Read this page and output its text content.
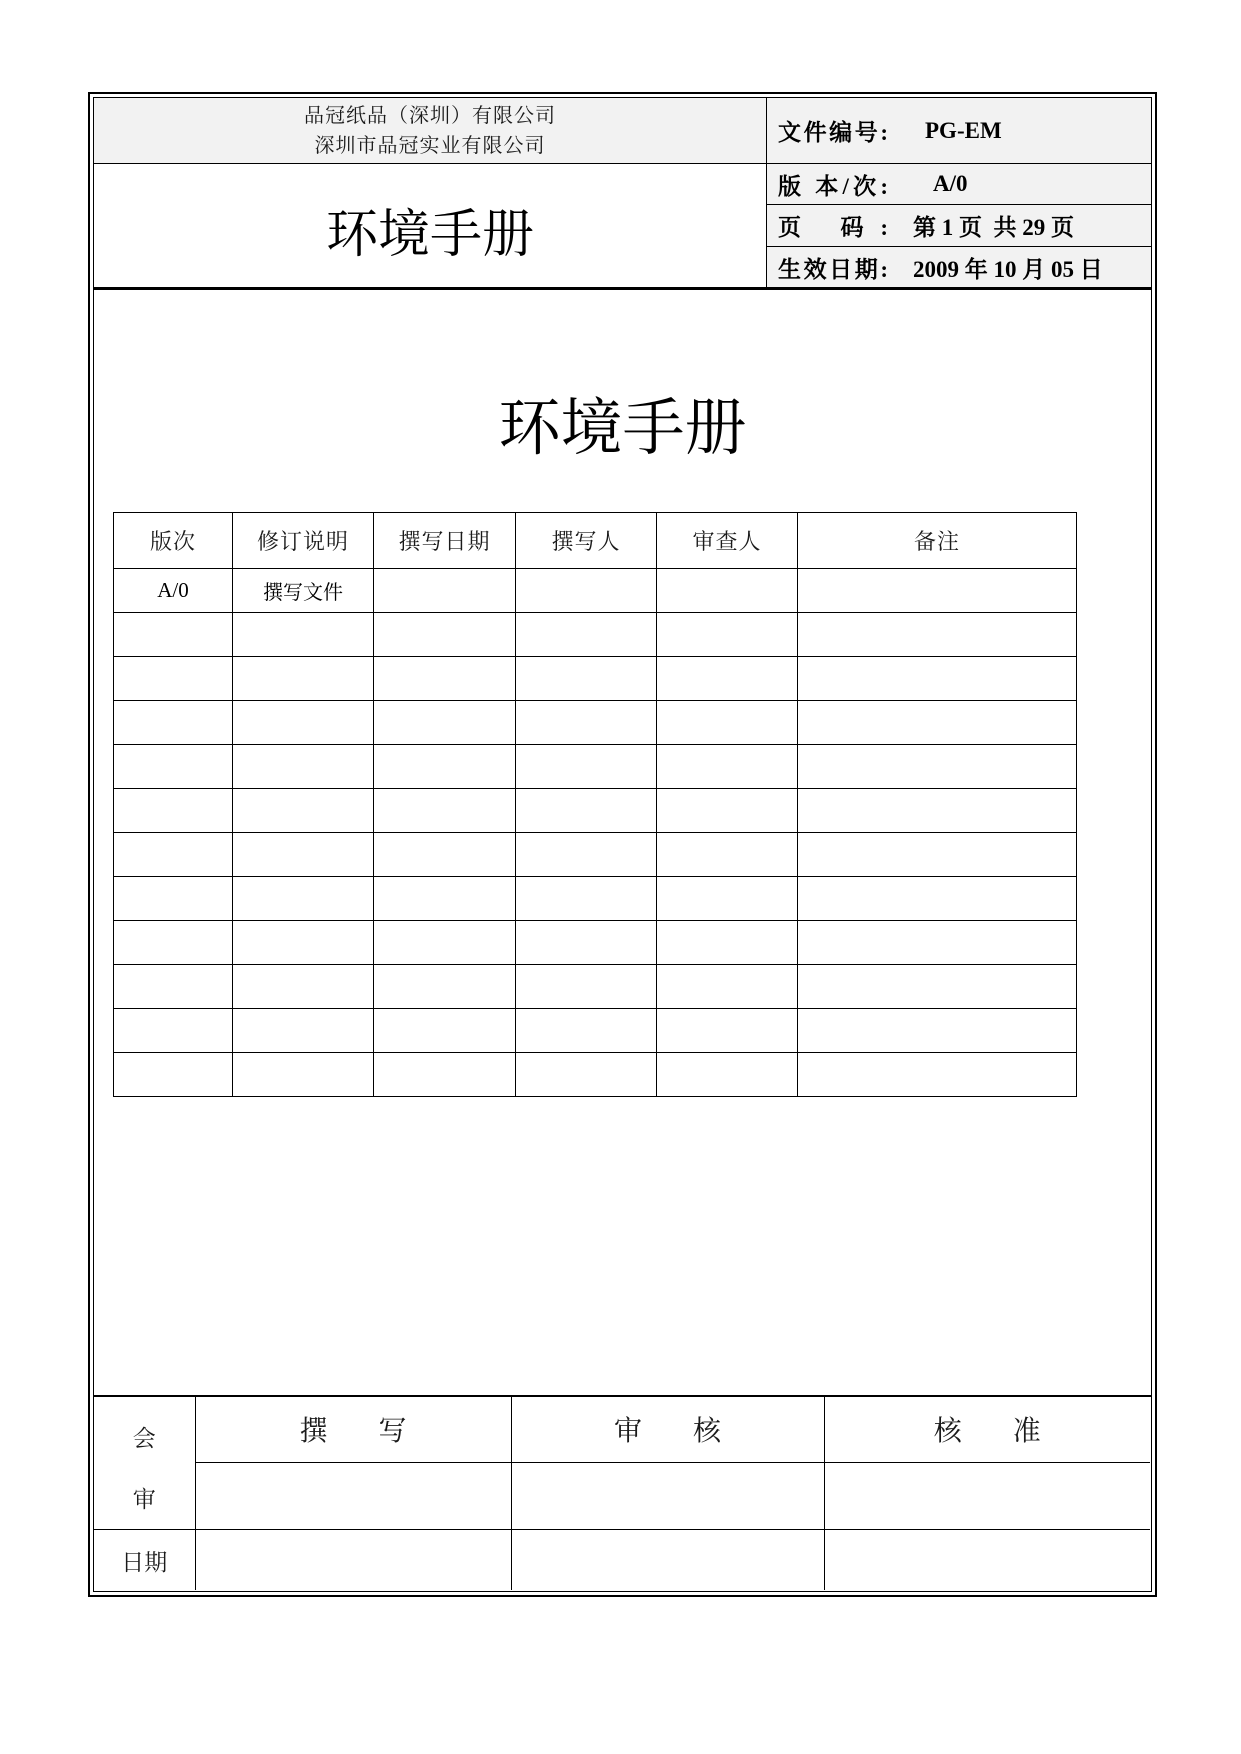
品冠纸品（深圳）有限公司
深圳市品冠实业有限公司
环境手册
文件编号: PG-EM
版 本/次: A/0
页 码: 第 1 页  共 29 页
生效日期: 2009 年 10 月 05 日
环境手册
版次	修订说明	撰写日期	撰写人	审查人	备注
A/0	撰写文件				

会
审	撰 写	审 核	核 准

日期			
